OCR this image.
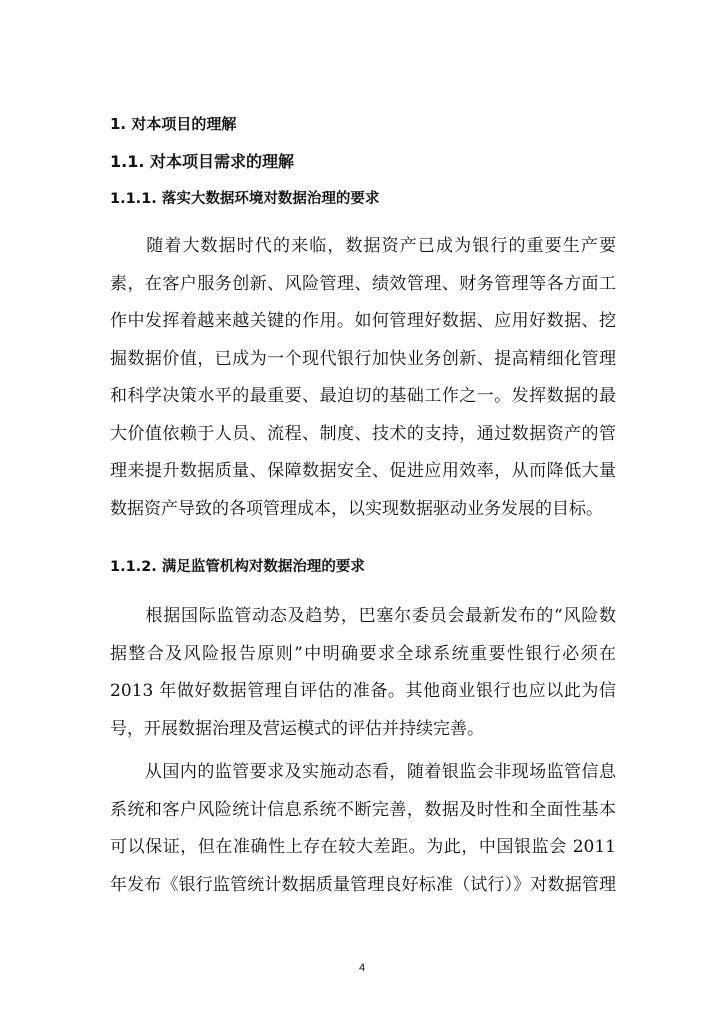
1. 对本项目的理解
1.1. 对本项目需求的理解
1.1.1. 落实大数据环境对数据治理的要求
　　随着大数据时代的来临，数据资产已成为银行的重要生产要
素，在客户服务创新、风险管理、绩效管理、财务管理等各方面工
作中发挥着越来越关键的作用。如何管理好数据、应用好数据、挖
掘数据价值，已成为一个现代银行加快业务创新、提高精细化管理
和科学决策水平的最重要、最迫切的基础工作之一。发挥数据的最
大价值依赖于人员、流程、制度、技术的支持，通过数据资产的管
理来提升数据质量、保障数据安全、促进应用效率，从而降低大量
数据资产导致的各项管理成本，以实现数据驱动业务发展的目标。
1.1.2. 满足监管机构对数据治理的要求
　　根据国际监管动态及趋势，巴塞尔委员会最新发布的“风险数
据整合及风险报告原则”中明确要求全球系统重要性银行必须在
2013 年做好数据管理自评估的准备。其他商业银行也应以此为信
号，开展数据治理及营运模式的评估并持续完善。
　　从国内的监管要求及实施动态看，随着银监会非现场监管信息
系统和客户风险统计信息系统不断完善，数据及时性和全面性基本
可以保证，但在准确性上存在较大差距。为此，中国银监会 2011
年发布《银行监管统计数据质量管理良好标准（试行）》对数据管理
4
